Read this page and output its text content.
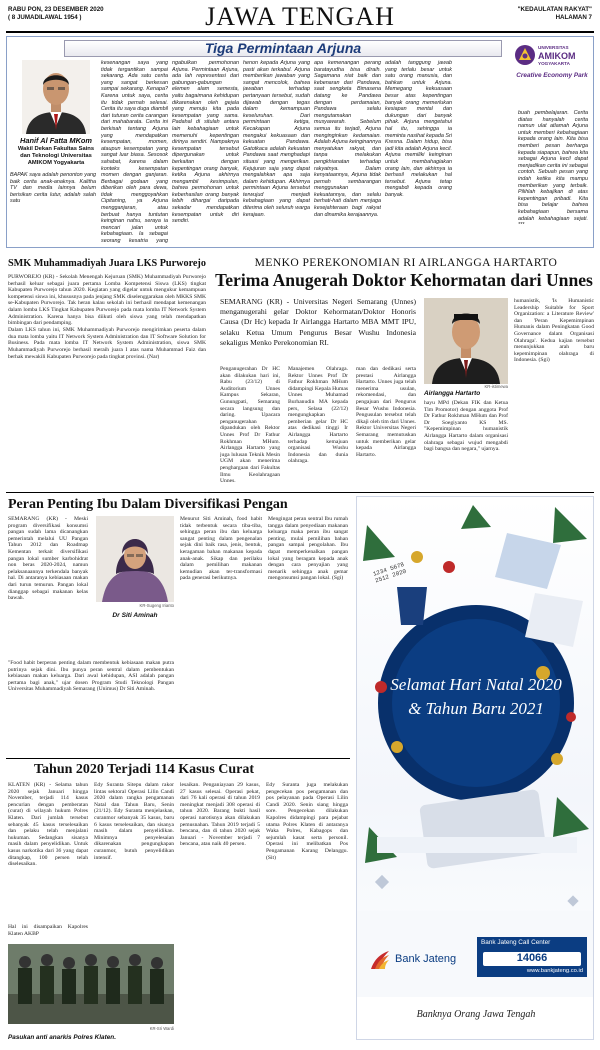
RABU PON, 23 DESEMBER 2020
( 8 JUMADILAWAL 1954 )	JAWA TENGAH	"KEDAULATAN RAKYAT"
HALAMAN 7
Tiga Permintaan Arjuna
Hanif Al Fatta MKom
Wakil Dekan Fakultas Sains dan Teknologi Universitas AMIKOM Yogyakarta
BAPAK saya adalah penonton yang baik cerita anak-anaknya. Kalitha TV dan media lainnya belum berisikan cerita lutur, adalah salah satu
kesenangan saya yang tidak tergantikan sampai sekarang. Ada satu cerita yang sangat berkesan sampai sekarang. Kenapa? Karena untuk saya, cerita itu tidak pernah selesai. Cerita itu saya duga diambil dari tuturan cerita carangan dari mahabarata. Cerita ini berkisah tentang Arjuna yang mendapatkan kesempatan, momen, ataupun kesempatan yang sangat luar biasa. Sesosok sahabat, karena dalam konteks kesempatan momen dengan ganjaran. Berbagai godaan yang diberikan oleh para dewa, tidak menggoyahkan Cipitaning, ya Arjuna mengganjaran, atau berbuat hanya tuntutan keinginan nafsu, seraya ia mencari jalan untuk kebahagiaan. Ia sebagai seorang kesatria yang
ngabulkan permohonan Arjuna. Permintaan Arjuna, ada lah representasi dari gabungan-gabungan elemen alam semesta, yaitu bagaimana kehidupan dikarenakan oleh gejala yang menuju kita pada kesempatan yang sama. Padahal di situlah antara lain kebahagiaan untuk memenuhi kepentingan dirinya sendiri. Nampaknya kesempatan tersebut dipergunakan untuk berkaitan dengan kepentingan orang banyak, ketika Arjuna akhirnya mengambil kesimpulan, bahwa permohonan untuk keberhasilan orang banyak lebih dihargai daripada sekadar mendapatkan kesempatan untuk diri sendiri.
henon kepada Arjuna yang pasti akan terkabul. Arjuna memberikan jawaban yang sangat mencolok, bahwa jawaban terhadap pertanyaan tersebut, sudah dijawab dengan tegas dalam kemampuan keseluruhan. Dari permintaan ketiga, Kecakapan Arjuna mengakui kekuasaan dan kekuatan Pandawa. Gatotkaca adalah kekuatan Pandawa saat menghadapi situasi yang mengerikan. Kejujuran saja yang dapat mengalahkan apa saja dalam kehidupan. Akhirnya permintaan Arjuna tersebut terwujud menjadi kebahagiaan yang dapat diterima oleh seluruh warga kerajaan.
apa kemenangan perang baratayudha bisa diraih. Sagamana niat baik dan kebenaran dari Pandawa, saat sengketa Bimasena datang ke Pandawa dengan perdamaian, Pandawa selalu mengutamakan musyawarah. Sebelum semua itu terjadi, Arjuna menginginkan kedamaian. Adalah Arjuna keinginannya menyatukan rakyat, dan tanpa melakukan pengkhianatan terhadap rakyatnya. Dalam kenyataannya, Arjuna tidak pernah sembarangan menggunakan kekuatannya, dan selalu berhati-hati dalam menjaga kesejahteraan bagi rakyat dan dinamika kerajaannya.
adalah tanggung jawab yang terlalu besar untuk satu orang manusia, dan bahkan untuk Arjuna. Memegang kekuasaan besar atas kepentingan banyak orang memerlukan kesiapan mental dan dukungan dari banyak pihak. Arjuna mengetahui hal itu, sehingga ia meminta nasihat kepada Sri Kresna. Dalam hidup, bisa jadi kita adalah Arjuna kecil. Arjuna memiliki keinginan untuk membahagiakan orang lain, dan akhirnya ia berhasil melakukan hal tersebut. Arjuna tetap mengabdi kepada orang banyak.
buah pembelajaran. Cerita diatas hanyalah cerita namun ulat atlamah Arjuna untuk memberi kebahagiaan kepada orang lain. Kita bisa memberi pesan berharga kepada siapapun, bahwa kita sebagai Arjuna kecil dapat menjadikan cerita ini sebagai contoh. Sebuah pesan yang indah ketika kita mampu memberikan yang terbaik. Pilihlah kebajikan di atas kepentingan pribadi. Kita bisa belajar bahwa kebahagiaan bersama adalah kebahagiaan sejati. ***
UNIVERSITAS
AMIKOM
YOGYAKARTA
Creative Economy Park
SMK Muhammadiyah Juara LKS Purworejo

PURWOREJO (KR) - Sekolah Menengah Kejuruan (SMK) Muhammadiyah Purworejo berhasil keluar sebagai juara pertama Lomba Kompetensi Siswa (LKS) tingkat Kabupaten Purworejo tahun 2020. Kegiatan yang digelar untuk mengukur kemampuan kompetensi siswa ini, khususnya pada jenjang SMK diselenggarakan oleh MKKS SMK se-Kabupaten Purworejo. Tak heran kalau sekolah ini berhasil mendapat kemenangan dalam lomba LKS Tingkat Kabupaten Purworejo pada mata lomba IT Network System Administration. Karena hanya bisa diikuti oleh siswa yang telah mendapatkan bimbingan dari pendamping.

Dalam LKS tahun ini, SMK Muhammadiyah Purworejo mengirimkan peserta dalam dua mata lomba yaitu IT Network System Administration dan IT Software Solution for Business. Pada mata lomba IT Network System Administration, siswa SMK Muhammadiyah Purworejo berhasil meraih juara I atas nama Muhammad Faiz dan berhak mewakili Kabupaten Purworejo pada tingkat provinsi. (Nar)

MENKO PEREKONOMIAN RI AIRLANGGA HARTARTO
Terima Anugerah Doktor Kehormatan dari Unnes
SEMARANG (KR) - Universitas Negeri Semarang (Unnes) menganugerahi gelar Doktor Kehormatan/Doktor Honoris Causa (Dr Hc) kepada Ir Airlangga Hartarto MBA MMT IPU, selaku Ketua Umum Pengurus Besar Wushu Indonesia sekaligus Menko Perekonomian RI.
Penganugerahan Dr HC akan dilakukan hari ini, Rabu (23/12) di Auditorium Unnes Kampus Sekaran, Gunungpati, Semarang secara langsung dan daring. Upacara penganugerahan dipandukan oleh Rektor Unnes Prof Dr Fathur Rokhman MHum. Airlangga Hartarto yang juga lulusan Teknik Mesin UGM akan menerima penghargaan dari Fakultas Ilmu Keolahragaan Unnes.
Manajemen Olahraga. Rektor Unnes Prof Dr Fathur Rokhman MHum didampingi Kepala Humas Unnes Muhamad Burhanudin MA kepada pers, Selasa (22/12) mengungkapkan pemberian gelar Dr HC atas dedikasi tinggi Ir Airlangga Hartarto terhadap kemajuan organisasi Wushu Indonesia dan dunia olahraga.
man dan dedikasi serta prestasi Airlangga Hartarto. Unnes juga telah menerima usulan, rekomendasi, dan pengajuan dari Pengurus Besar Wushu Indonesia. Pengusulan tersebut telah dikaji oleh tim dari Unnes. Rektor Universitas Negeri Semarang memutuskan untuk memberikan gelar kepada Airlangga Hartarto.
KR-istimewa
Airlangga Hartarto
hayu MPd (Dekan FIK dan Ketua Tim Promotor) dengan anggota Prof Dr Fathur Rokhman MHum dan Prof Dr Soegiyanto KS MS. "Kepemimpinan humanistik Airlangga Hartarto dalam organisasi olahraga sebagai wujud mengabdi bagi bangsa dan negara," ujarnya.
humanistik, 'Is Humanistic Leadership Suitable for Sport Organization: a Literature Review' dan 'Peran Kepemimpinan Humanis dalam Peningkatan Good Governance dalam Organisasi Olahraga'. Kedua kajian tersebut menunjukkan arah baru kepemimpinan olahraga di Indonesia. (Sgi)
Peran Penting Ibu Dalam Diversifikasi Pengan
SEMARANG (KR) - Meski program diversifikasi konsumsi pangan sudah lama dicanangkan pemerintah melalui UU Pangan Tahun 2012 dan Roadmap Kementan terkait diversifikasi pangan lokal sumber karbohidrat non beras 2020-2024, namun pelaksanaannya terkendala banyak hal. Di antaranya kebiasaan makan dari turun temurun. Pangan lokal dianggap sebagai makanan kelas bawah.
KR-Sugeng Irianto
Dr Siti Aminah
"Food habit berperan penting dalam membentuk kebiasaan makan putra putrinya sejak dini. Ibu punya peran sentral dalam pembentukan kebiasaan makan keluarga. Dari awal kehidupan, ASI adalah pangan pertama bagi anak," ujar dosen Program Studi Teknologi Pangan Universitas Muhammadiyah Semarang (Unimus) Dr Siti Aminah.
Menurut Siti Aminah, food habit tidak terbentuk secara tiba-tiba, sehingga peran ibu dan keluarga sangat penting dalam pengenalan sejak dini baik rasa, jenis, bentuk, keragaman bahan makanan kepada anak-anak. Sikap dan perilaku dalam pemilihan makanan kemudian akan ter-transformasi pada generasi berikutnya.
Mengingat peran sentral Ibu rumah tangga dalam penyediaan makanan keluarga maka peran ibu sangat penting, mulai pemilihan bahan pangan sampai pengolahan. Ibu dapat memperkenalkan pangan lokal yang beragam kepada anak dengan cara penyajian yang menarik sehingga anak gemar mengonsumsi pangan lokal. (Sgi)
Tahun 2020 Terjadi 114 Kasus Curat
KLATEN (KR) - Selama tahun 2020 sejak Januari hingga November, terjadi 114 kasus pencurian dengan pemberatan (curat) di wilayah hukum Polres Klaten. Dari jumlah tersebut sebanyak 45 kasus terselesaikan dan pelaku telah menjalani hukuman. Sedangkan sisanya masih dalam penyelidikan. Untuk kasus narkotika dari 36 yang dapat ditangkap, 100 persen telah diselesaikan.
Hal ini disampaikan Kapolres Klaten AKBP
Edy Suranta Sitepu dalam rakor lintas sektoral Operasi Lilin Candi 2020 dalam rangka pengamanan Natal dan Tahun Baru, Senin (21/12). Edy Suranta menjelaskan, curanmor sebanyak 35 kasus, baru 6 kasus terselesaikan, dan sisanya masih dalam penyelidikan. Minimnya penyelesaian dikarenakan pengungkapan curanmor, butuh penyelidikan intensif.
lesaikan. Penganiayaan 29 kasus, 27 kasus selesai. Operasi pekat, dari 76 kali operasi di tahun 2019 meningkat menjadi 308 operasi di tahun 2020. Barang bukti hasil operasi narotisnya akan dilakukan pemusnahan. Tahun 2019 terjadi 5 bencana, dan di tahun 2020 sejak Januari - November terjadi 7 bencana, atau naik 40 persen.
Edy Suranta juga melakukan pengecekan pos pengamanan dan pos pelayanan pada Operasi Lilin Candi 2020. Senin siang hingga sore. Pengecekan dilakukan Kapolres didampingi para pejabat utama Polres Klaten di antaranya Waka Polres, Kabagops dan sejumlah kasat serta personil. Operasi ini melibatkan Pos Pengamanan Karang Delanggu. (Sit)
KR-Sri Wardi
Pasukan anti anarkis Polres Klaten.
1234 5678 2512 2020
Selamat Hari Natal 2020
& Tahun Baru 2021
Bank Jateng Call Center
14066
www.bankjateng.co.id
Bank Jateng
Banknya Orang Jawa Tengah
